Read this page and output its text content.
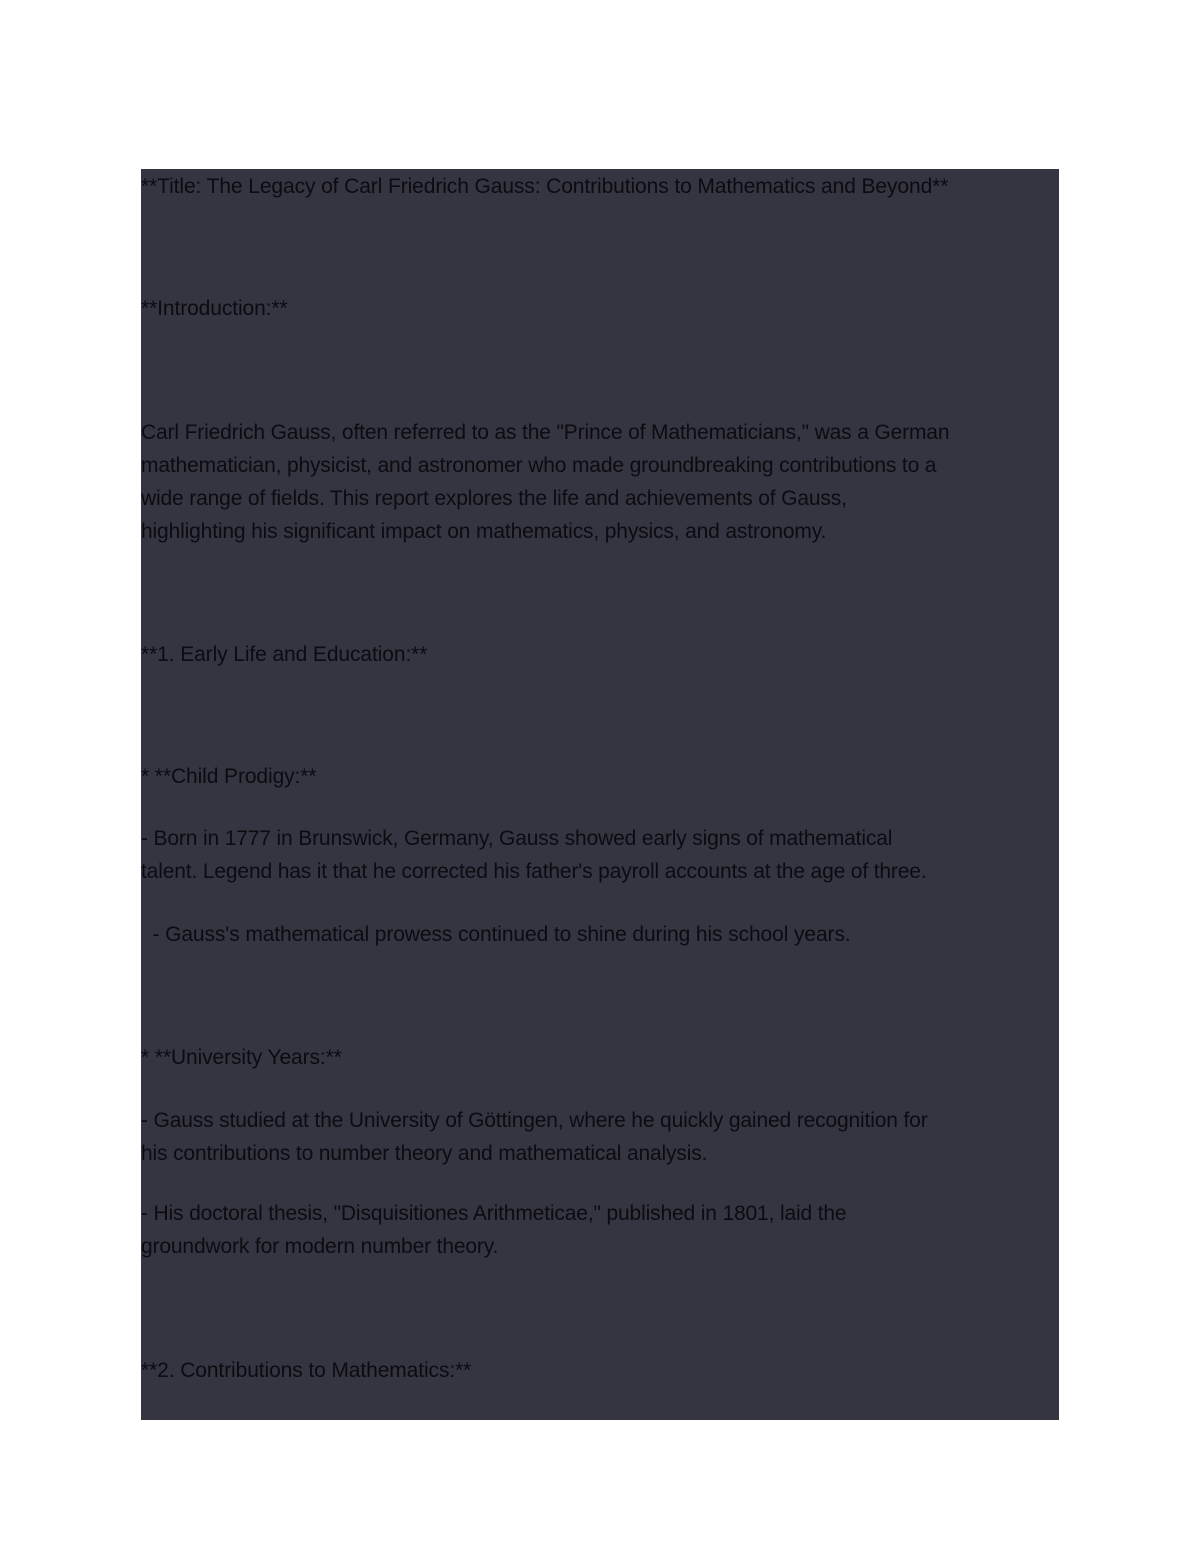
**Title: The Legacy of Carl Friedrich Gauss: Contributions to Mathematics and Beyond**

**Introduction:**

Carl Friedrich Gauss, often referred to as the "Prince of Mathematicians," was a German
mathematician, physicist, and astronomer who made groundbreaking contributions to a
wide range of fields. This report explores the life and achievements of Gauss,
highlighting his significant impact on mathematics, physics, and astronomy.

**1. Early Life and Education:**

* **Child Prodigy:**

- Born in 1777 in Brunswick, Germany, Gauss showed early signs of mathematical
talent. Legend has it that he corrected his father's payroll accounts at the age of three.

- Gauss's mathematical prowess continued to shine during his school years.

* **University Years:**

- Gauss studied at the University of Göttingen, where he quickly gained recognition for
his contributions to number theory and mathematical analysis.

- His doctoral thesis, "Disquisitiones Arithmeticae," published in 1801, laid the
groundwork for modern number theory.

**2. Contributions to Mathematics:**
